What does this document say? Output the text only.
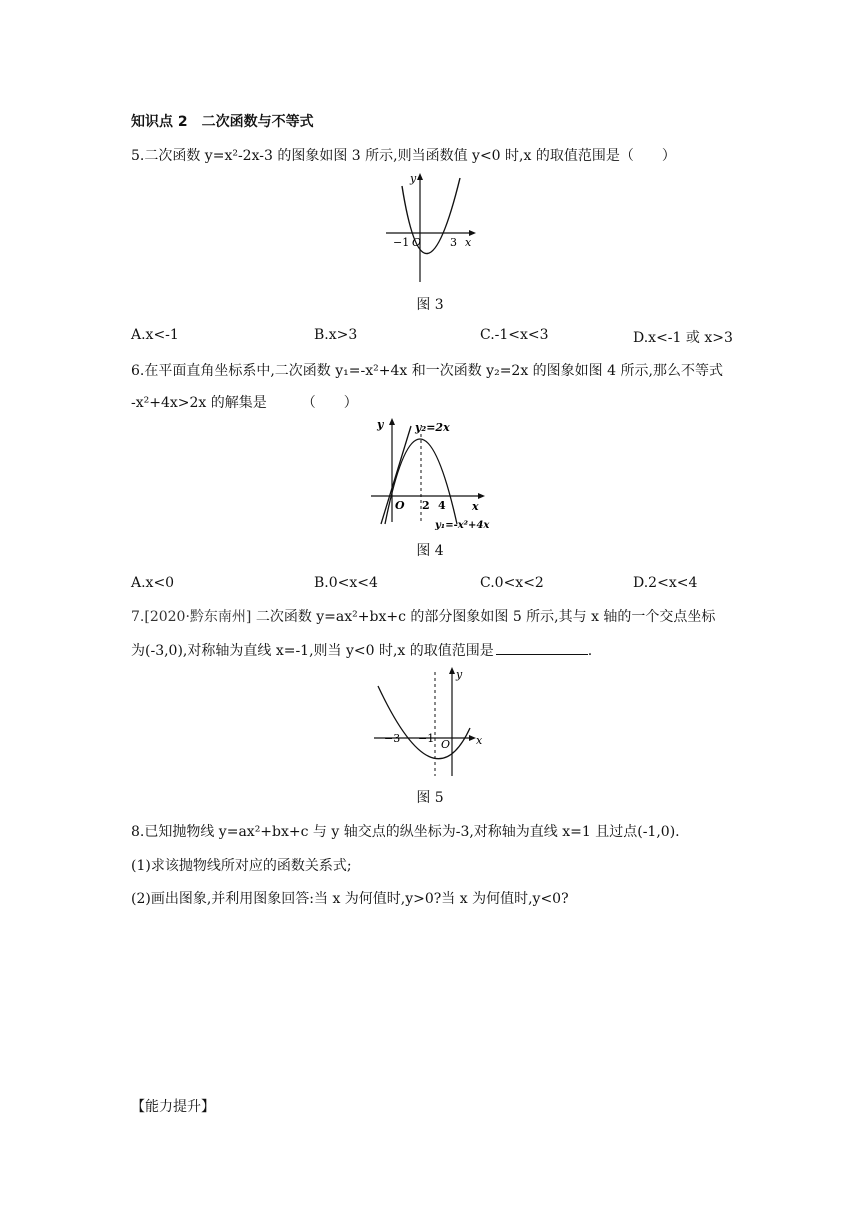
知识点 2　二次函数与不等式
5.二次函数 y=x²-2x-3 的图象如图 3 所示,则当函数值 y<0 时,x 的取值范围是（　　）
y
−1 O	3 x
图 3
A.x<-1	B.x>3	C.-1<x<3	D.x<-1 或 x>3
6.在平面直角坐标系中,二次函数 y₁=-x²+4x 和一次函数 y₂=2x 的图象如图 4 所示,那么不等式
-x²+4x>2x 的解集是　　　（　　）
y	y₂=2x
O 2 4 x
y₁=-x²+4x
图 4
A.x<0	B.0<x<4	C.0<x<2	D.2<x<4
7.[2020·黔东南州] 二次函数 y=ax²+bx+c 的部分图象如图 5 所示,其与 x 轴的一个交点坐标
为(-3,0),对称轴为直线 x=-1,则当 y<0 时,x 的取值范围是	.
−3 −1 O x
y
图 5
8.已知抛物线 y=ax²+bx+c 与 y 轴交点的纵坐标为-3,对称轴为直线 x=1 且过点(-1,0).
(1)求该抛物线所对应的函数关系式;
(2)画出图象,并利用图象回答:当 x 为何值时,y>0?当 x 为何值时,y<0?
【能力提升】
